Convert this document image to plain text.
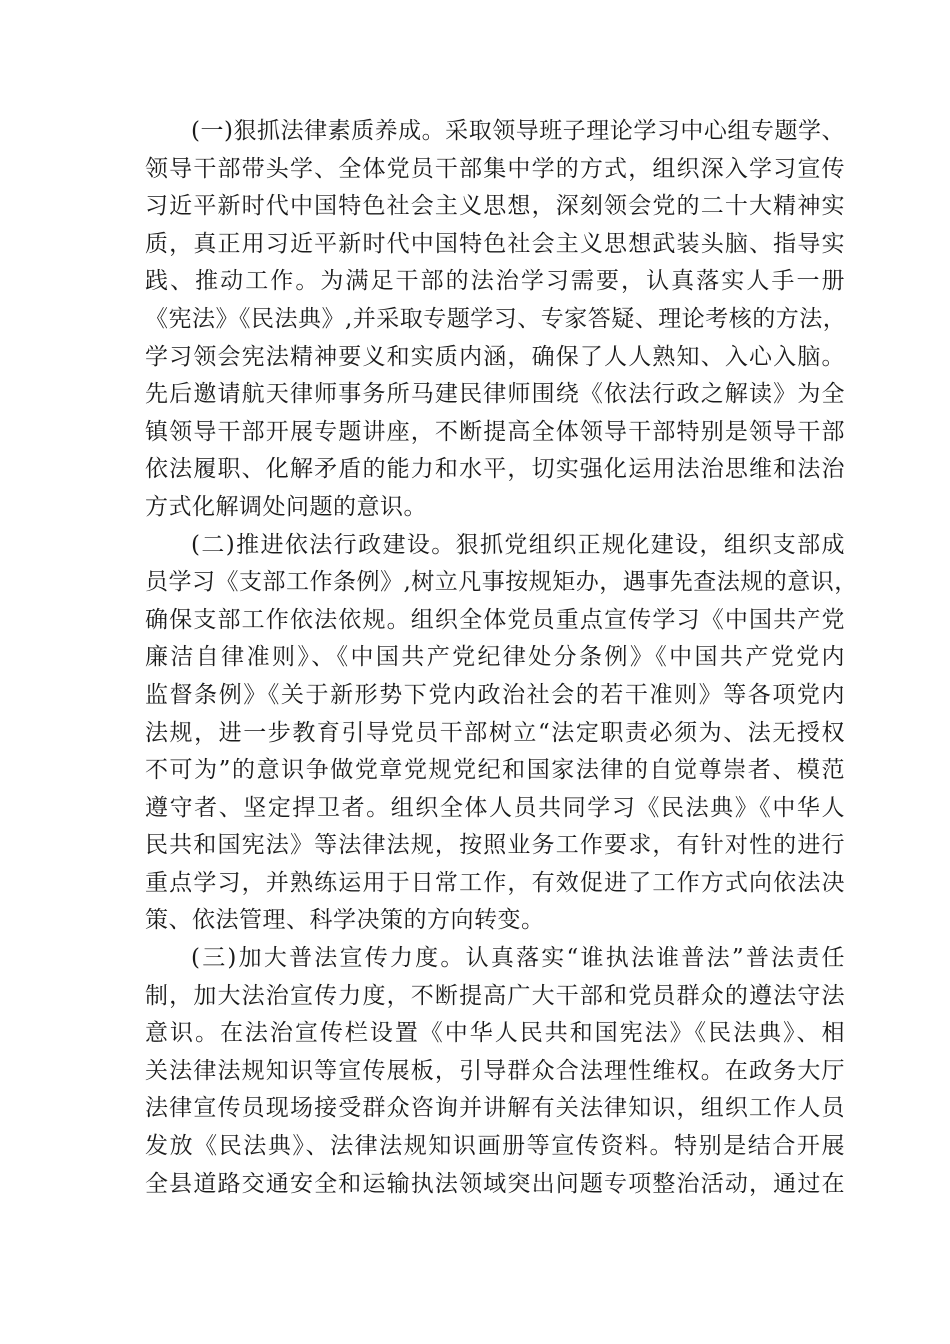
(一)狠抓法律素质养成。采取领导班子理论学习中心组专题学、
领导干部带头学、全体党员干部集中学的方式，组织深入学习宣传
习近平新时代中国特色社会主义思想，深刻领会党的二十大精神实
质，真正用习近平新时代中国特色社会主义思想武装头脑、指导实
践、推动工作。为满足干部的法治学习需要，认真落实人手一册
《宪法》《民法典》,并采取专题学习、专家答疑、理论考核的方法，
学习领会宪法精神要义和实质内涵，确保了人人熟知、入心入脑。
先后邀请航天律师事务所马建民律师围绕《依法行政之解读》为全
镇领导干部开展专题讲座，不断提高全体领导干部特别是领导干部
依法履职、化解矛盾的能力和水平，切实强化运用法治思维和法治
方式化解调处问题的意识。
(二)推进依法行政建设。狠抓党组织正规化建设，组织支部成
员学习《支部工作条例》,树立凡事按规矩办，遇事先查法规的意识，
确保支部工作依法依规。组织全体党员重点宣传学习《中国共产党
廉洁自律准则》、《中国共产党纪律处分条例》《中国共产党党内
监督条例》《关于新形势下党内政治社会的若干准则》等各项党内
法规，进一步教育引导党员干部树立“法定职责必须为、法无授权
不可为”的意识争做党章党规党纪和国家法律的自觉尊崇者、模范
遵守者、坚定捍卫者。组织全体人员共同学习《民法典》《中华人
民共和国宪法》等法律法规，按照业务工作要求，有针对性的进行
重点学习，并熟练运用于日常工作，有效促进了工作方式向依法决
策、依法管理、科学决策的方向转变。
(三)加大普法宣传力度。认真落实“谁执法谁普法”普法责任
制，加大法治宣传力度，不断提高广大干部和党员群众的遵法守法
意识。在法治宣传栏设置《中华人民共和国宪法》《民法典》、相
关法律法规知识等宣传展板，引导群众合法理性维权。在政务大厅
法律宣传员现场接受群众咨询并讲解有关法律知识，组织工作人员
发放《民法典》、法律法规知识画册等宣传资料。特别是结合开展
全县道路交通安全和运输执法领域突出问题专项整治活动，通过在
